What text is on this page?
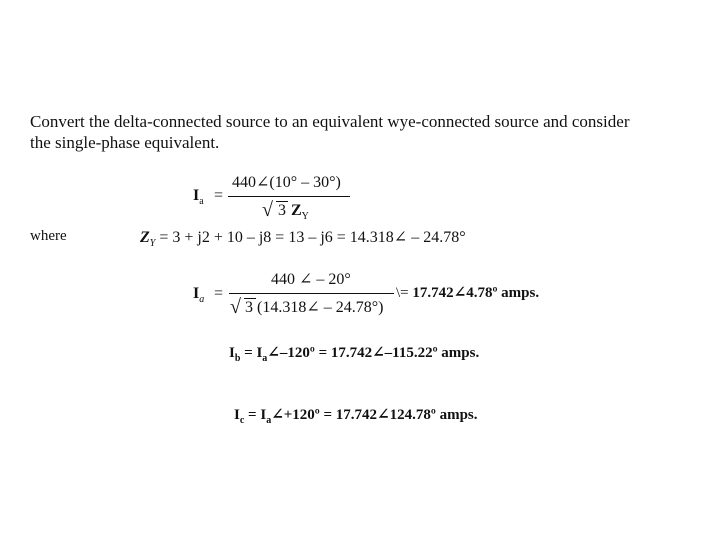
Convert the delta-connected source to an equivalent wye-connected source and consider
the single-phase equivalent.
$I_a$ =
440∠(10° – 30°)
√ 3 $Z_Y$
where	$Z_Y = 3 + j2 + 10 - j8 = 13 - j6$ = 14.318∠ – 24.78°
$I_a$ =
440 ∠ – 20°
√ 3 (14.318∠ – 24.78°)
\= 17.742∠4.78º amps.
$I_b$ = $I_a\angle-120º$ = 17.742∠–115.22º amps.
$I_c$ = $I_a\angle+120º$ = 17.742∠124.78º amps.
